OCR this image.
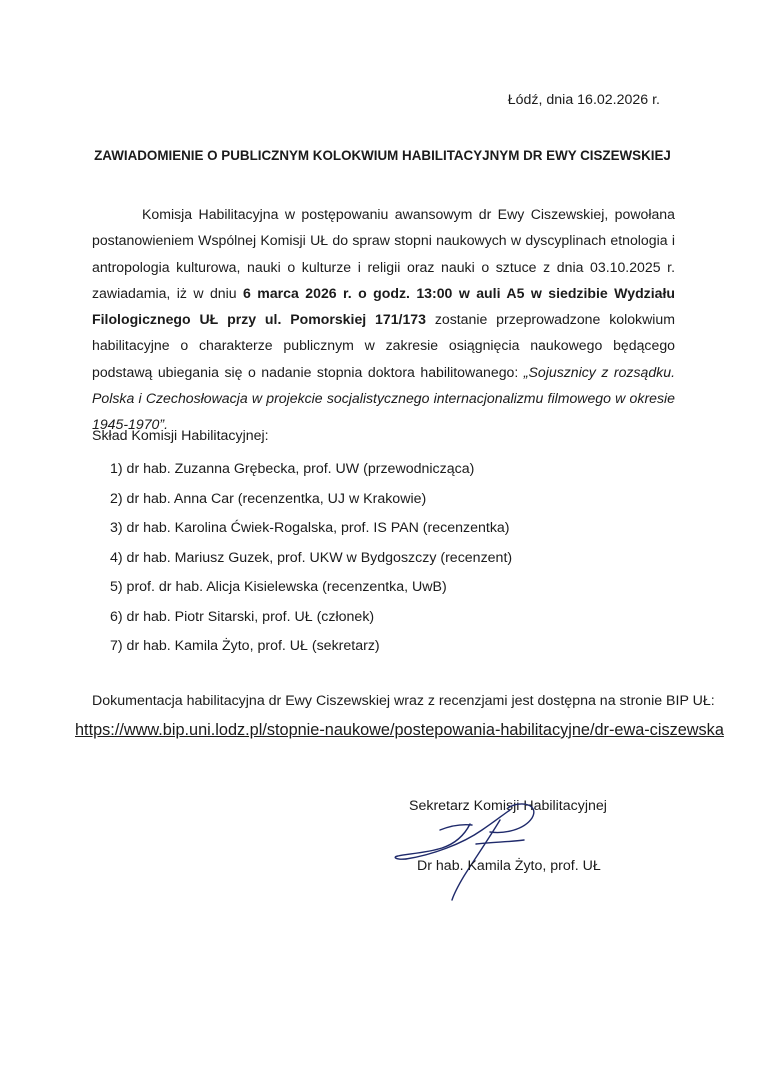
Łódź, dnia 16.02.2026 r.
ZAWIADOMIENIE O PUBLICZNYM KOLOKWIUM HABILITACYJNYM DR EWY CISZEWSKIEJ
Komisja Habilitacyjna w postępowaniu awansowym dr Ewy Ciszewskiej, powołana postanowieniem Wspólnej Komisji UŁ do spraw stopni naukowych w dyscyplinach etnologia i antropologia kulturowa, nauki o kulturze i religii oraz nauki o sztuce z dnia 03.10.2025 r. zawiadamia, iż w dniu 6 marca 2026 r. o godz. 13:00 w auli A5 w siedzibie Wydziału Filologicznego UŁ przy ul. Pomorskiej 171/173 zostanie przeprowadzone kolokwium habilitacyjne o charakterze publicznym w zakresie osiągnięcia naukowego będącego podstawą ubiegania się o nadanie stopnia doktora habilitowanego: „Sojusznicy z rozsądku. Polska i Czechosłowacja w projekcie socjalistycznego internacjonalizmu filmowego w okresie 1945-1970”.
Skład Komisji Habilitacyjnej:
1) dr hab. Zuzanna Grębecka, prof. UW (przewodnicząca)
2) dr hab. Anna Car (recenzentka, UJ w Krakowie)
3) dr hab. Karolina Ćwiek-Rogalska, prof. IS PAN (recenzentka)
4) dr hab. Mariusz Guzek, prof. UKW w Bydgoszczy (recenzent)
5) prof. dr hab. Alicja Kisielewska (recenzentka, UwB)
6) dr hab. Piotr Sitarski, prof. UŁ (członek)
7) dr hab. Kamila Żyto, prof. UŁ (sekretarz)
Dokumentacja habilitacyjna dr Ewy Ciszewskiej wraz z recenzjami jest dostępna na stronie BIP UŁ:
https://www.bip.uni.lodz.pl/stopnie-naukowe/postepowania-habilitacyjne/dr-ewa-ciszewska
Sekretarz Komisji Habilitacyjnej
Dr hab. Kamila Żyto, prof. UŁ
